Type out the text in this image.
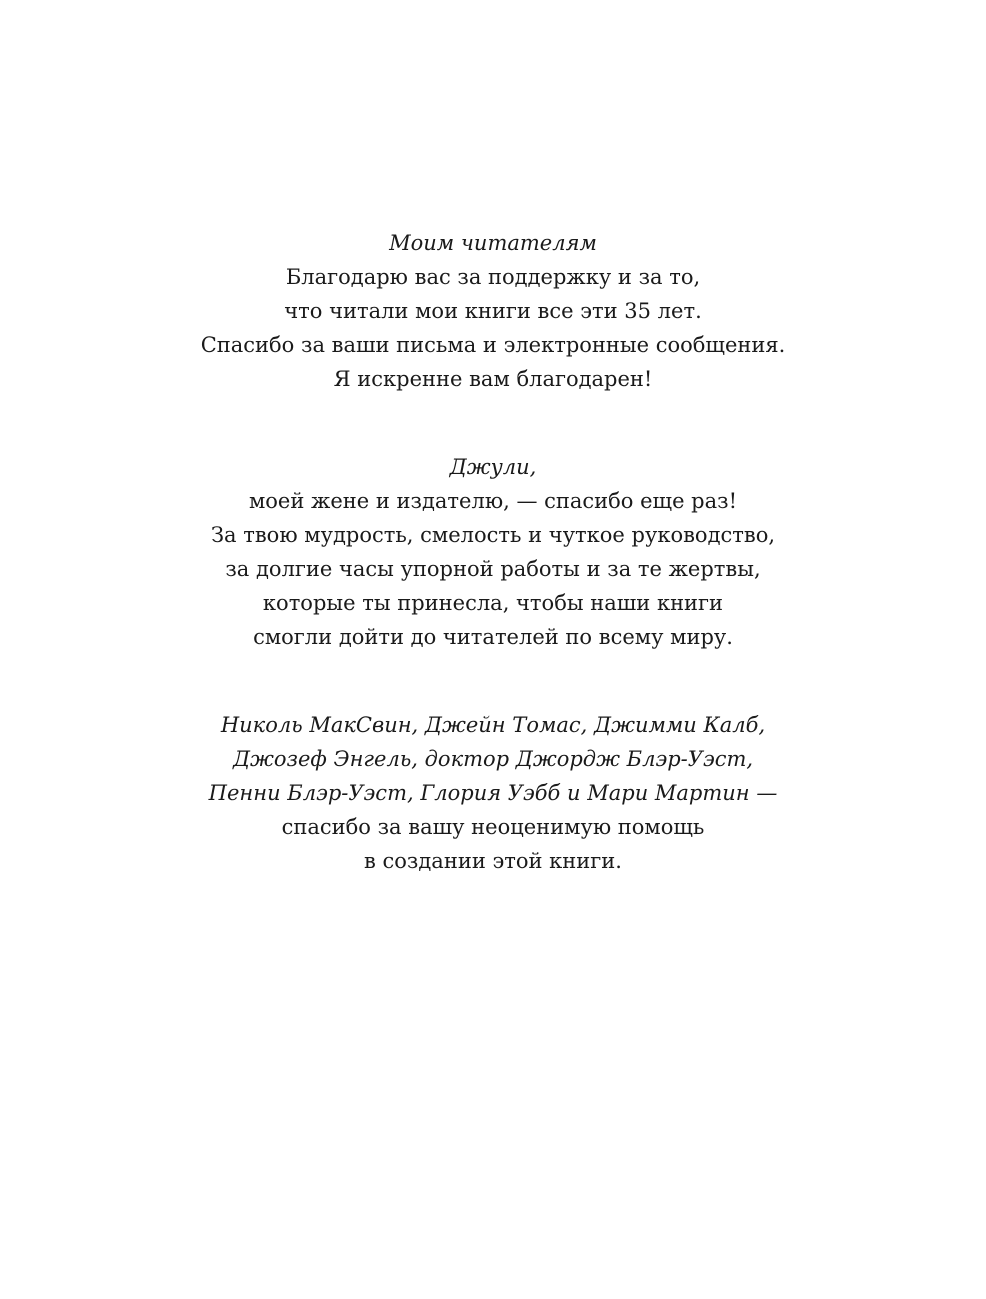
Моим читателям
Благодарю вас за поддержку и за то,
что читали мои книги все эти 35 лет.
Спасибо за ваши письма и электронные сообщения.
Я искренне вам благодарен!
Джули,
моей жене и издателю, — спасибо еще раз!
За твою мудрость, смелость и чуткое руководство,
за долгие часы упорной работы и за те жертвы,
которые ты принесла, чтобы наши книги
смогли дойти до читателей по всему миру.
Николь МакСвин, Джейн Томас, Джимми Калб,
Джозеф Энгель, доктор Джордж Блэр-Уэст,
Пенни Блэр-Уэст, Глория Уэбб и Мари Мартин —
спасибо за вашу неоценимую помощь
в создании этой книги.
